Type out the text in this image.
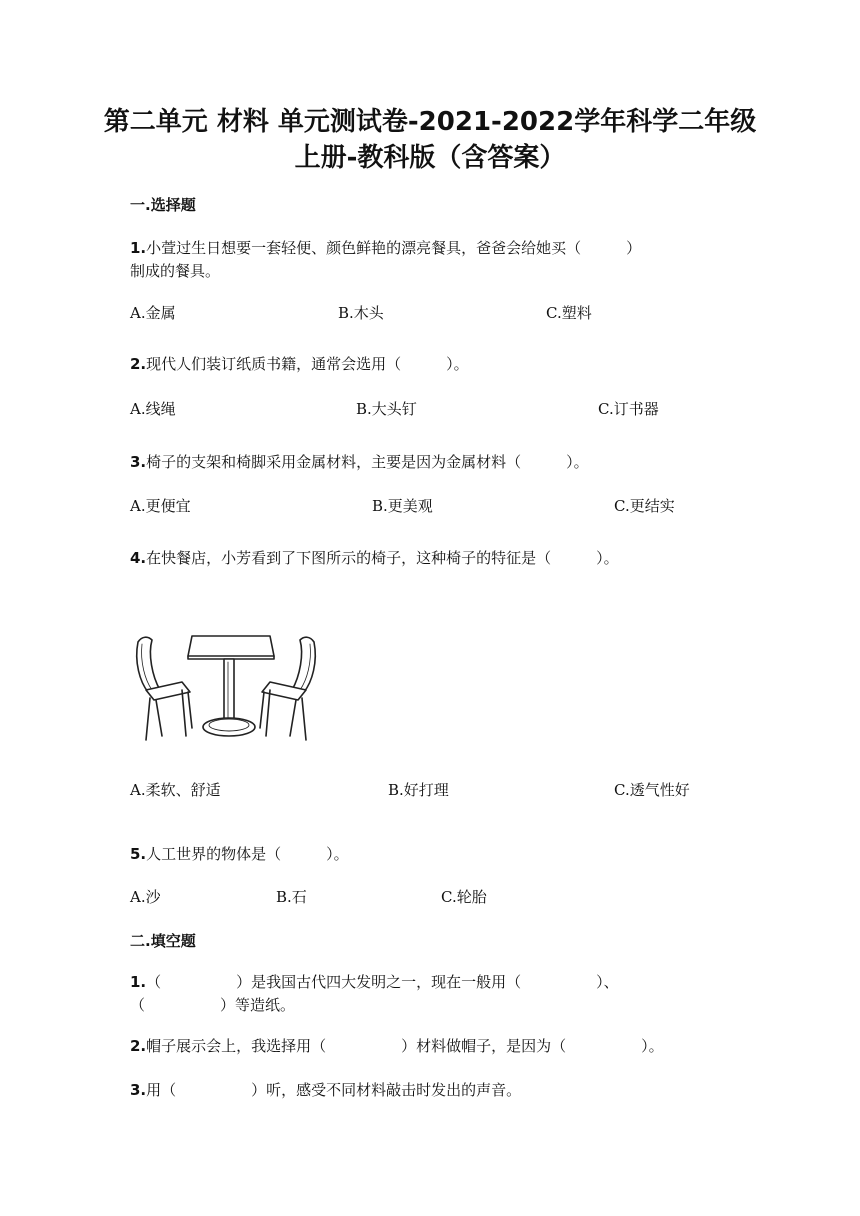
第二单元 材料 单元测试卷-2021-2022学年科学二年级上册-教科版（含答案）
一.选择题
1.小萱过生日想要一套轻便、颜色鲜艳的漂亮餐具，爸爸会给她买（　　　）
制成的餐具。
A.金属	B.木头	C.塑料
2.现代人们装订纸质书籍，通常会选用（　　　）。
A.线绳	B.大头钉	C.订书器
3.椅子的支架和椅脚采用金属材料，主要是因为金属材料（　　　）。
A.更便宜	B.更美观	C.更结实
4.在快餐店，小芳看到了下图所示的椅子，这种椅子的特征是（　　　）。
A.柔软、舒适	B.好打理	C.透气性好
5.人工世界的物体是（　　　）。
A.沙	B.石	C.轮胎
二.填空题
1.（　　　　　）是我国古代四大发明之一，现在一般用（　　　　　）、
（　　　　　）等造纸。
2.帽子展示会上，我选择用（　　　　　）材料做帽子，是因为（　　　　　）。
3.用（　　　　　）听，感受不同材料敲击时发出的声音。
